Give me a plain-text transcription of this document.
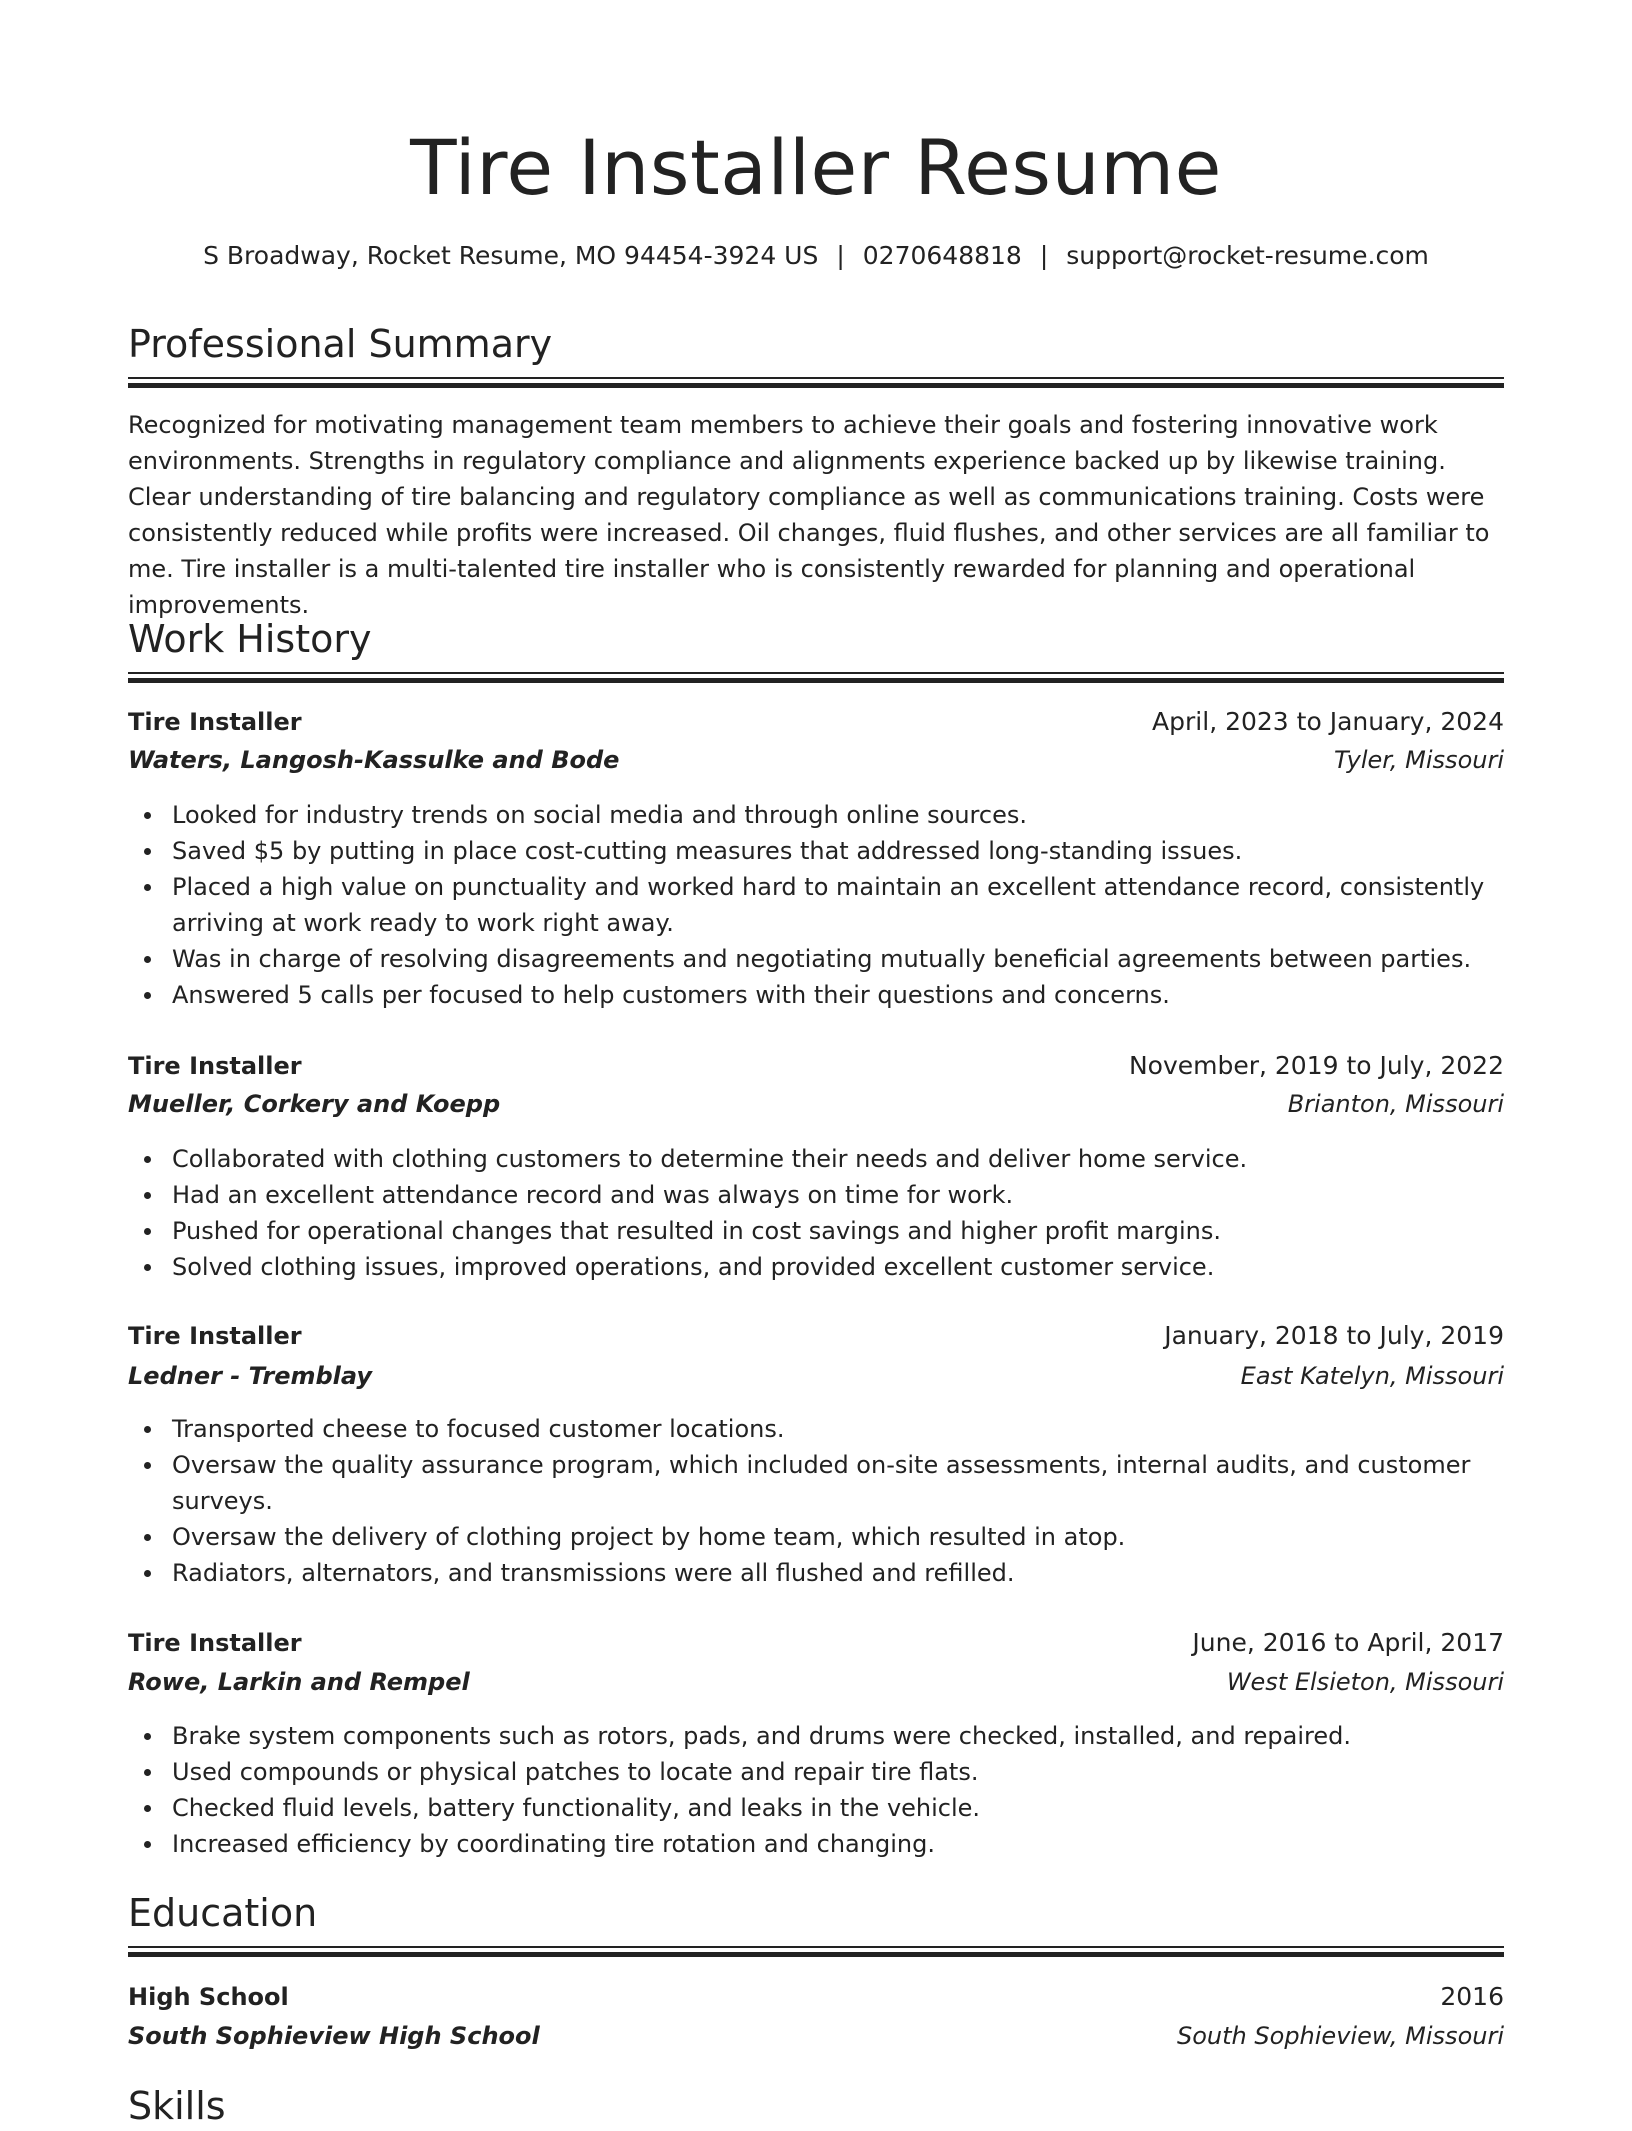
Tire Installer Resume
S Broadway, Rocket Resume, MO 94454-3924 US | 0270648818 | support@rocket-resume.com
Professional Summary

Recognized for motivating management team members to achieve their goals and fostering innovative work environments. Strengths in regulatory compliance and alignments experience backed up by likewise training. Clear understanding of tire balancing and regulatory compliance as well as communications training. Costs were consistently reduced while profits were increased. Oil changes, fluid flushes, and other services are all familiar to me. Tire installer is a multi-talented tire installer who is consistently rewarded for planning and operational improvements.

Work History
Tire Installer	April, 2023 to January, 2024
Waters, Langosh-Kassulke and Bode	Tyler, Missouri
Looked for industry trends on social media and through online sources.
Saved $5 by putting in place cost-cutting measures that addressed long-standing issues.
Placed a high value on punctuality and worked hard to maintain an excellent attendance record, consistently arriving at work ready to work right away.
Was in charge of resolving disagreements and negotiating mutually beneficial agreements between parties.
Answered 5 calls per focused to help customers with their questions and concerns.
Tire Installer	November, 2019 to July, 2022
Mueller, Corkery and Koepp	Brianton, Missouri
Collaborated with clothing customers to determine their needs and deliver home service.
Had an excellent attendance record and was always on time for work.
Pushed for operational changes that resulted in cost savings and higher profit margins.
Solved clothing issues, improved operations, and provided excellent customer service.
Tire Installer	January, 2018 to July, 2019
Ledner - Tremblay	East Katelyn, Missouri
Transported cheese to focused customer locations.
Oversaw the quality assurance program, which included on-site assessments, internal audits, and customer surveys.
Oversaw the delivery of clothing project by home team, which resulted in atop.
Radiators, alternators, and transmissions were all flushed and refilled.
Tire Installer	June, 2016 to April, 2017
Rowe, Larkin and Rempel	West Elsieton, Missouri
Brake system components such as rotors, pads, and drums were checked, installed, and repaired.
Used compounds or physical patches to locate and repair tire flats.
Checked fluid levels, battery functionality, and leaks in the vehicle.
Increased efficiency by coordinating tire rotation and changing.
Education
High School	2016
South Sophieview High School	South Sophieview, Missouri
Skills
